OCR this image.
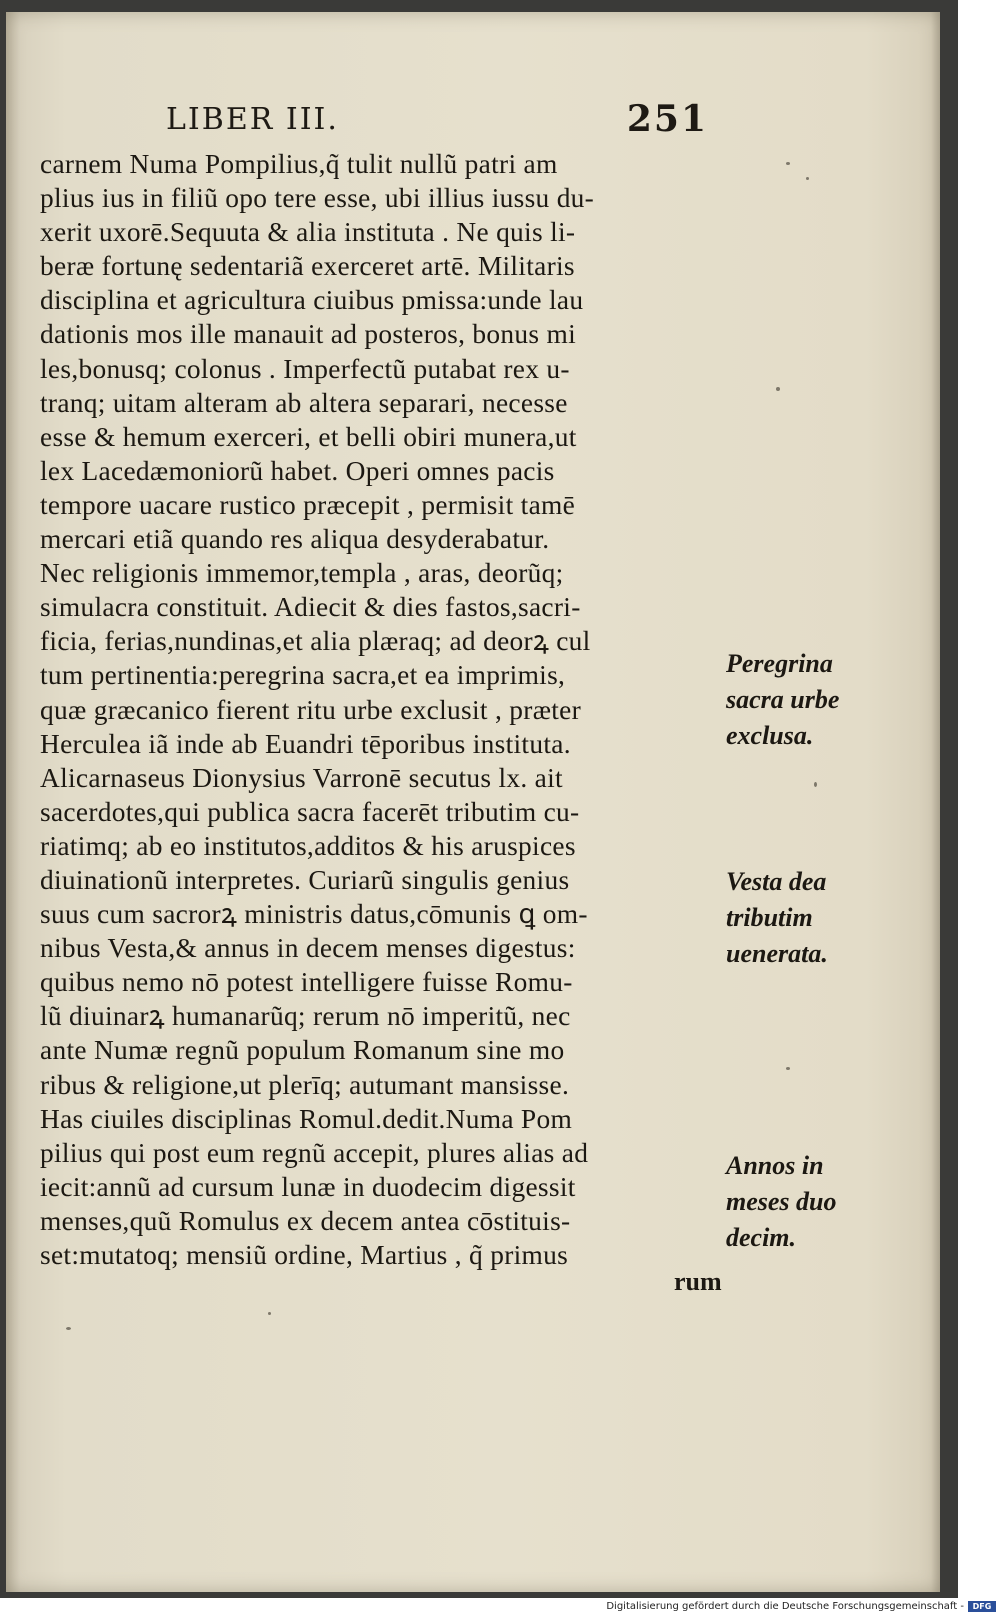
LIBER III.	251
carnem Numa Pompilius,q̃ tulit nullũ patri am
plius ius in filiũ opo tere esse, ubi illius iussu du-
xerit uxorē.Sequuta & alia instituta . Ne quis li-
beræ fortunę sedentariã exerceret artē. Militaris
disciplina et agricultura ciuibus pmissa:unde lau
dationis mos ille manauit ad posteros, bonus mi
les,bonusq; colonus . Imperfectũ putabat rex u-
tranq; uitam alteram ab altera separari, necesse
esse & hemum exerceri, et belli obiri munera,ut
lex Lacedæmoniorũ habet. Operi omnes pacis
tempore uacare rustico præcepit , permisit tamē
mercari etiã quando res aliqua desyderabatur.
Nec religionis immemor,templa , aras, deorũq;
simulacra constituit. Adiecit & dies fastos,sacri-
ficia, ferias,nundinas,et alia plæraq; ad deorꝝ cul
tum pertinentia:peregrina sacra,et ea imprimis,
quæ græcanico fierent ritu urbe exclusit , præter
Herculea iã inde ab Euandri tēporibus instituta.
Alicarnaseus Dionysius Varronē secutus lx. ait
sacerdotes,qui publica sacra facerēt tributim cu-
riatimq; ab eo institutos,additos & his aruspices
diuinationũ interpretes. Curiarũ singulis genius
suus cum sacrorꝝ ministris datus,cōmunis ꝗ om-
nibus Vesta,& annus in decem menses digestus:
quibus nemo nō potest intelligere fuisse Romu-
lũ diuinarꝝ humanarũq; rerum nō imperitũ, nec
ante Numæ regnũ populum Romanum sine mo
ribus & religione,ut plerīq; autumant mansisse.
Has ciuiles disciplinas Romul.dedit.Numa Pom
pilius qui post eum regnũ accepit, plures alias ad
iecit:annũ ad cursum lunæ in duodecim digessit
menses,quũ Romulus ex decem antea cōstituis-
set:mutatoq; mensiũ ordine, Martius , q̃ primus
Peregrina
sacra urbe
exclusa.
Vesta dea
tributim
uenerata.
Annos in
meses duo
decim.
rum
Digitalisierung gefördert durch die Deutsche Forschungsgemeinschaft -	DFG
